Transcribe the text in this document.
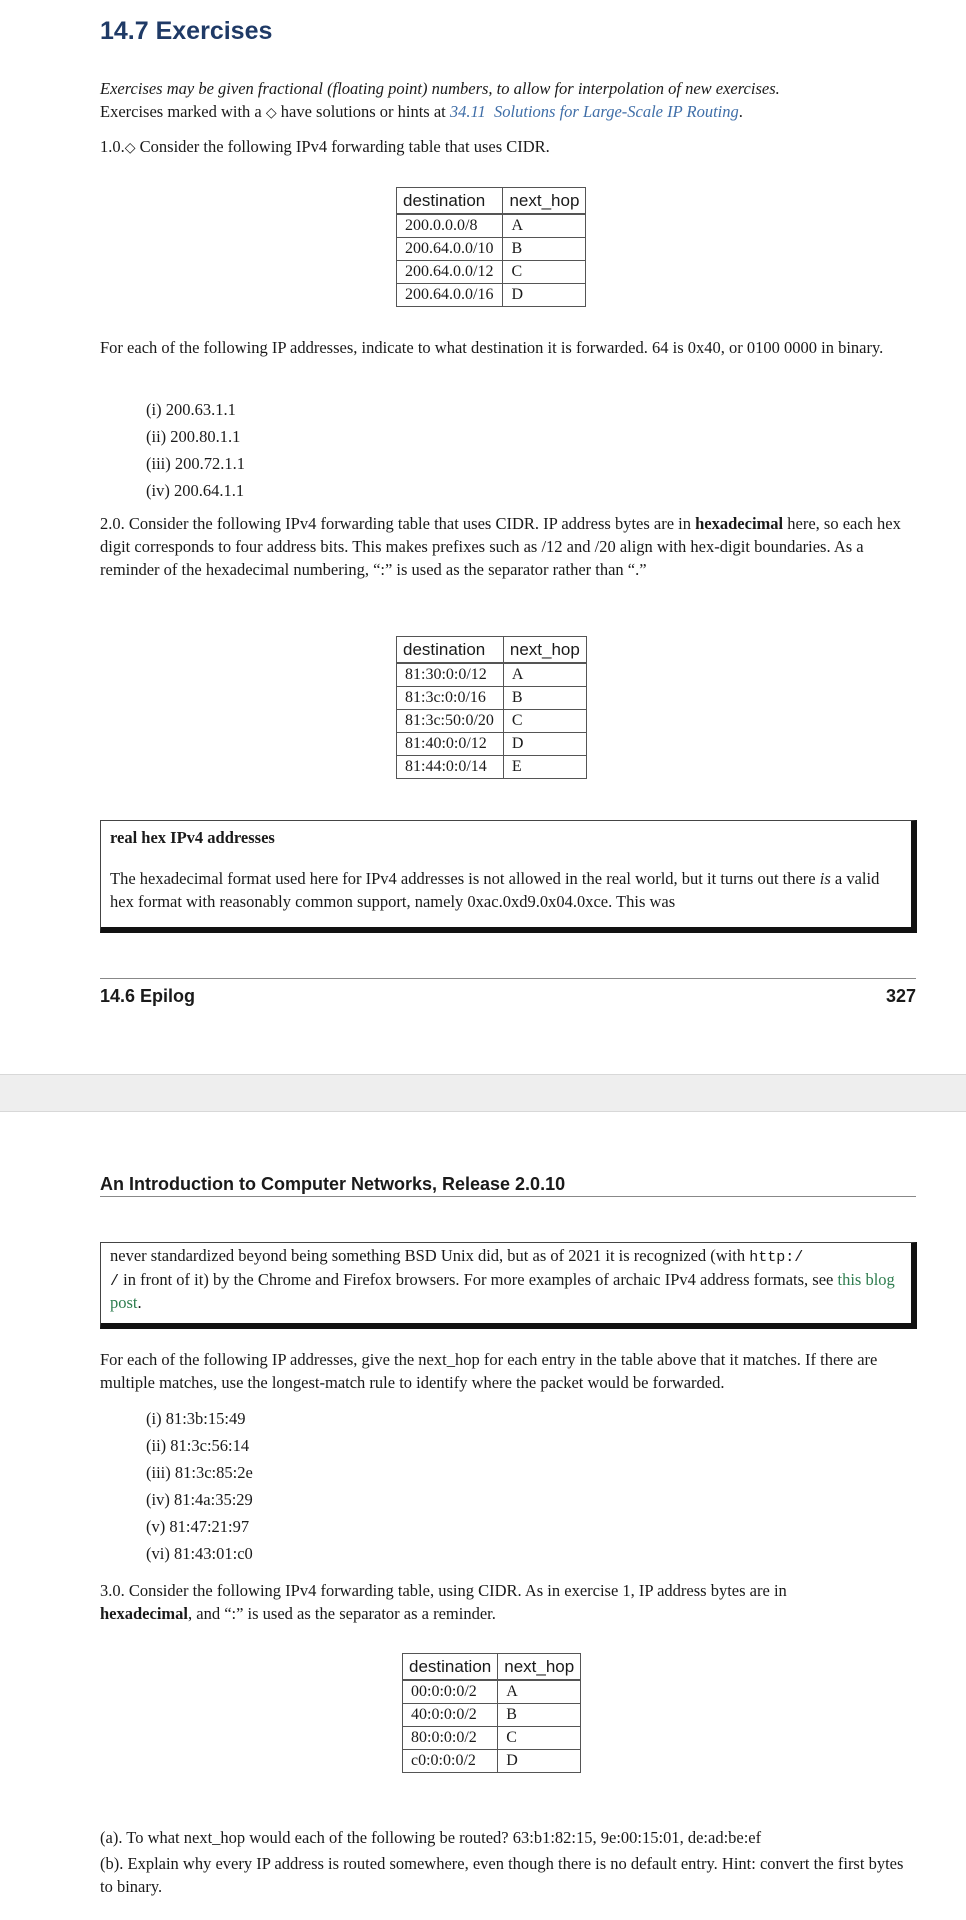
14.7 Exercises

Exercises may be given fractional (floating point) numbers, to allow for interpolation of new exercises.
Exercises marked with a ◇ have solutions or hints at 34.11 Solutions for Large-Scale IP Routing.

1.0.◇ Consider the following IPv4 forwarding table that uses CIDR.

destination	next_hop
200.0.0.0/8	A
200.64.0.0/10	B
200.64.0.0/12	C
200.64.0.0/16	D

For each of the following IP addresses, indicate to what destination it is forwarded. 64 is 0x40, or 0100 0000 in binary.

(i) 200.63.1.1
(ii) 200.80.1.1
(iii) 200.72.1.1
(iv) 200.64.1.1

2.0. Consider the following IPv4 forwarding table that uses CIDR. IP address bytes are in hexadecimal here, so each hex digit corresponds to four address bits. This makes prefixes such as /12 and /20 align with hex-digit boundaries. As a reminder of the hexadecimal numbering, “:” is used as the separator rather than “.”

destination	next_hop
81:30:0:0/12	A
81:3c:0:0/16	B
81:3c:50:0/20	C
81:40:0:0/12	D
81:44:0:0/14	E
real hex IPv4 addresses
The hexadecimal format used here for IPv4 addresses is not allowed in the real world, but it turns out there is a valid hex format with reasonably common support, namely 0xac.0xd9.0x04.0xce. This was
14.6 Epilog	327
An Introduction to Computer Networks, Release 2.0.10
never standardized beyond being something BSD Unix did, but as of 2021 it is recognized (with http:/
/ in front of it) by the Chrome and Firefox browsers. For more examples of archaic IPv4 address formats, see this blog post.

For each of the following IP addresses, give the next_hop for each entry in the table above that it matches. If there are multiple matches, use the longest-match rule to identify where the packet would be forwarded.

(i) 81:3b:15:49
(ii) 81:3c:56:14
(iii) 81:3c:85:2e
(iv) 81:4a:35:29
(v) 81:47:21:97
(vi) 81:43:01:c0

3.0. Consider the following IPv4 forwarding table, using CIDR. As in exercise 1, IP address bytes are in
hexadecimal, and “:” is used as the separator as a reminder.

destination	next_hop
00:0:0:0/2	A
40:0:0:0/2	B
80:0:0:0/2	C
c0:0:0:0/2	D

(a). To what next_hop would each of the following be routed? 63:b1:82:15, 9e:00:15:01, de:ad:be:ef

(b). Explain why every IP address is routed somewhere, even though there is no default entry. Hint: convert the first bytes to binary.
